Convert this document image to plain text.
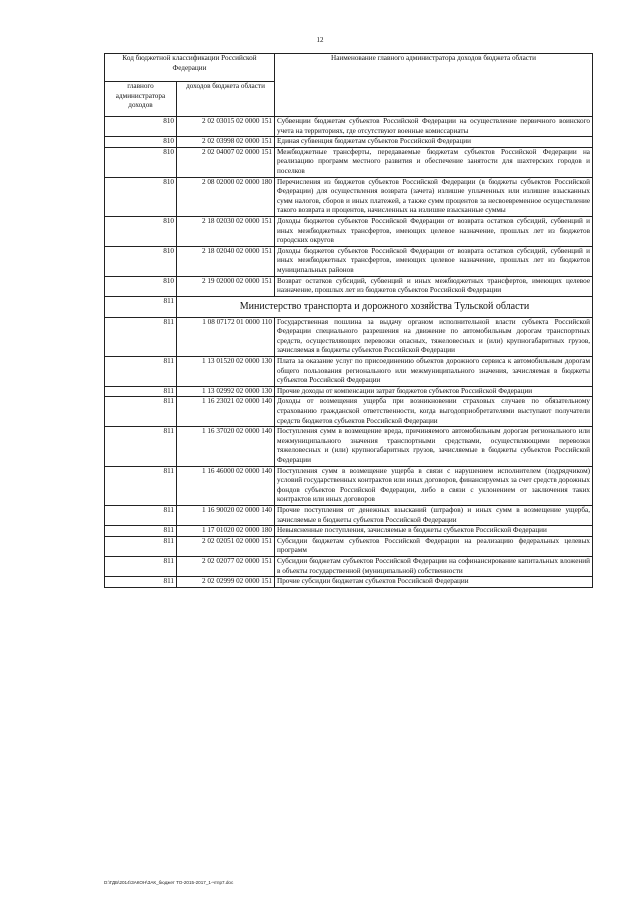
12
Код бюджетной классификации Российской Федерации		Наименование главного администратора доходов бюджета области
главного администратора доходов	доходов бюджета области	
810	2 02 03015 02 0000 151	Субвенции бюджетам субъектов Российской Федерации на осуществление первичного воинского учета на территориях, где отсутствуют военные комиссариаты
810	2 02 03998 02 0000 151	Единая субвенция бюджетам субъектов Российской Федерации
810	2 02 04007 02 0000 151	Межбюджетные трансферты, передаваемые бюджетам субъектов Российской Федерации на реализацию программ местного развития и обеспечение занятости для шахтерских городов и поселков
810	2 08 02000 02 0000 180	Перечисления из бюджетов субъектов Российской Федерации (в бюджеты субъектов Российской Федерации) для осуществления возврата (зачета) излишне уплаченных или излишне взысканных сумм налогов, сборов и иных платежей, а также сумм процентов за несвоевременное осуществление такого возврата и процентов, начисленных на излишне взысканные суммы
810	2 18 02030 02 0000 151	Доходы бюджетов субъектов Российской Федерации от возврата остатков субсидий, субвенций и иных межбюджетных трансфертов, имеющих целевое назначение, прошлых лет из бюджетов городских округов
810	2 18 02040 02 0000 151	Доходы бюджетов субъектов Российской Федерации от возврата остатков субсидий, субвенций и иных межбюджетных трансфертов, имеющих целевое назначение, прошлых лет из бюджетов муниципальных районов
810	2 19 02000 02 0000 151	Возврат остатков субсидий, субвенций и иных межбюджетных трансфертов, имеющих целевое назначение, прошлых лет из бюджетов субъектов Российской Федерации
811	Министерство транспорта и дорожного хозяйства Тульской области	
811	1 08 07172 01 0000 110	Государственная пошлина за выдачу органом исполнительной власти субъекта Российской Федерации специального разрешения на движение по автомобильным дорогам транспортных средств, осуществляющих перевозки опасных, тяжеловесных и (или) крупногабаритных грузов, зачисляемая в бюджеты субъектов Российской Федерации
811	1 13 01520 02 0000 130	Плата за оказание услуг по присоединению объектов дорожного сервиса к автомобильным дорогам общего пользования регионального или межмуниципального значения, зачисляемая в бюджеты субъектов Российской Федерации
811	1 13 02992 02 0000 130	Прочие доходы от компенсации затрат бюджетов субъектов Российской Федерации
811	1 16 23021 02 0000 140	Доходы от возмещения ущерба при возникновении страховых случаев по обязательному страхованию гражданской ответственности, когда выгодоприобретателями выступают получатели средств бюджетов субъектов Российской Федерации
811	1 16 37020 02 0000 140	Поступления сумм в возмещение вреда, причиняемого автомобильным дорогам регионального или межмуниципального значения транспортными средствами, осуществляющими перевозки тяжеловесных и (или) крупногабаритных грузов, зачисляемые в бюджеты субъектов Российской Федерации
811	1 16 46000 02 0000 140	Поступления сумм в возмещение ущерба в связи с нарушением исполнителем (подрядчиком) условий государственных контрактов или иных договоров, финансируемых за счет средств дорожных фондов субъектов Российской Федерации, либо в связи с уклонением от заключения таких контрактов или иных договоров
811	1 16 90020 02 0000 140	Прочие поступления от денежных взысканий (штрафов) и иных сумм в возмещение ущерба, зачисляемые в бюджеты субъектов Российской Федерации
811	1 17 01020 02 0000 180	Невыясненные поступления, зачисляемые в бюджеты субъектов Российской Федерации
811	2 02 02051 02 0000 151	Субсидии бюджетам субъектов Российской Федерации на реализацию федеральных целевых программ
811	2 02 02077 02 0000 151	Субсидии бюджетам субъектов Российской Федерации на софинансирование капитальных вложений в объекты государственной (муниципальной) собственности
811	2 02 02999 02 0000 151	Прочие субсидии бюджетам субъектов Российской Федерации
D:\ГДБ\2014\ЗАКОН\ЗАК_бюджет ТО-2015-2017_1-чтпр7.doc
